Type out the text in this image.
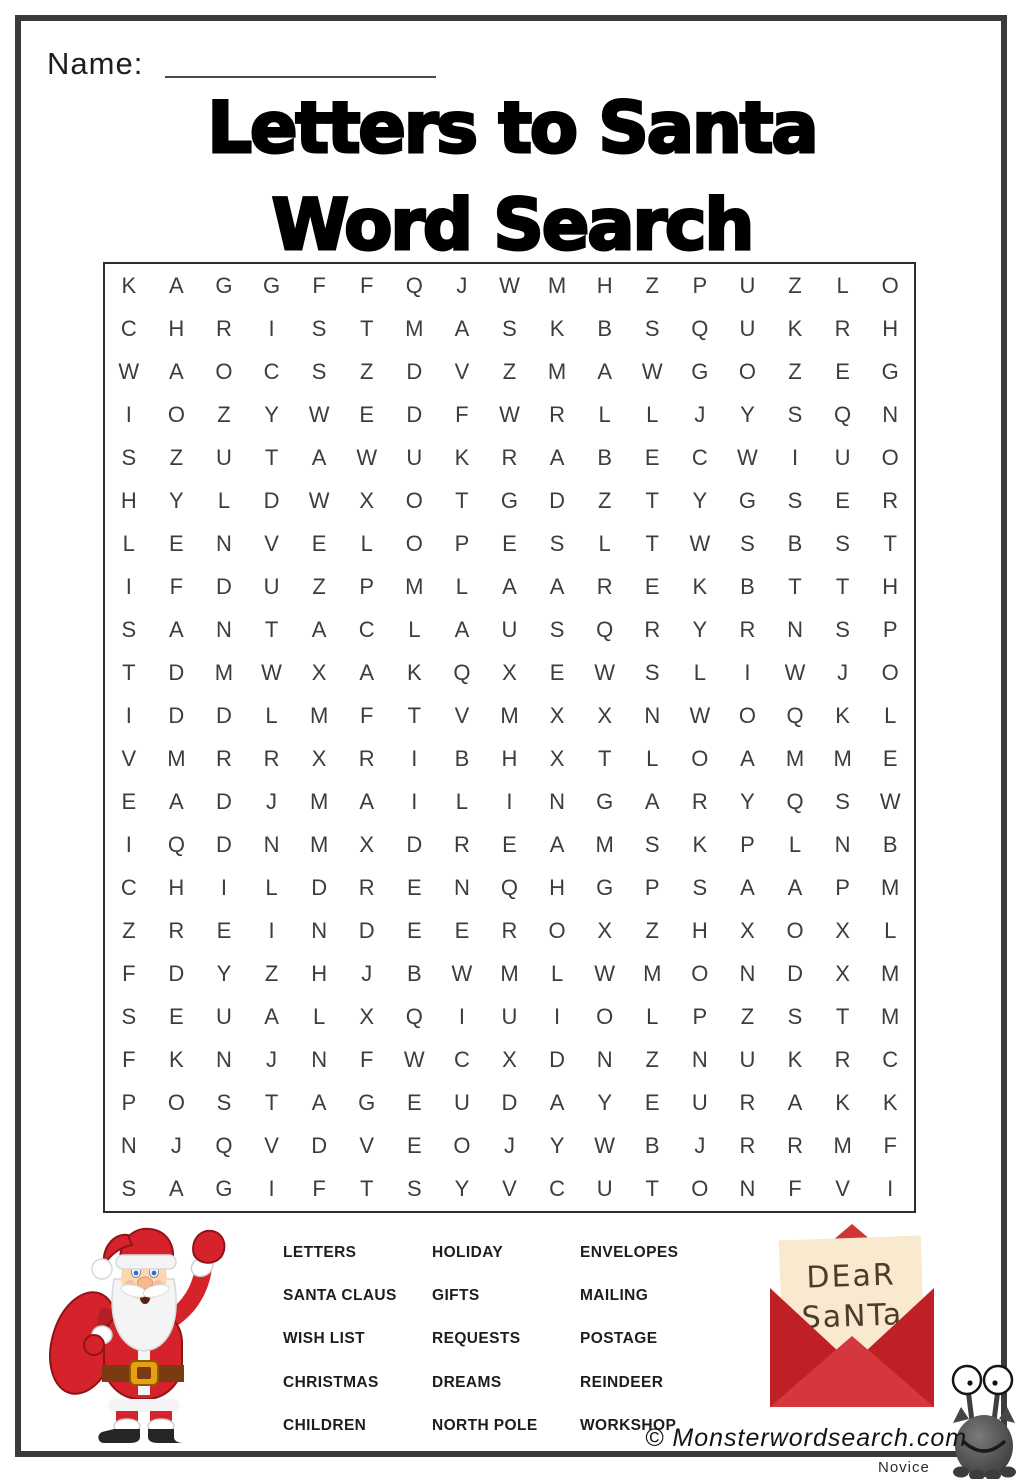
Name:
Letters to Santa
Word Search
K	A	G	G	F	F	Q	J	W	M	H	Z	P	U	Z	L	O
C	H	R	I	S	T	M	A	S	K	B	S	Q	U	K	R	H
W	A	O	C	S	Z	D	V	Z	M	A	W	G	O	Z	E	G
I	O	Z	Y	W	E	D	F	W	R	L	L	J	Y	S	Q	N
S	Z	U	T	A	W	U	K	R	A	B	E	C	W	I	U	O
H	Y	L	D	W	X	O	T	G	D	Z	T	Y	G	S	E	R
L	E	N	V	E	L	O	P	E	S	L	T	W	S	B	S	T
I	F	D	U	Z	P	M	L	A	A	R	E	K	B	T	T	H
S	A	N	T	A	C	L	A	U	S	Q	R	Y	R	N	S	P
T	D	M	W	X	A	K	Q	X	E	W	S	L	I	W	J	O
I	D	D	L	M	F	T	V	M	X	X	N	W	O	Q	K	L
V	M	R	R	X	R	I	B	H	X	T	L	O	A	M	M	E
E	A	D	J	M	A	I	L	I	N	G	A	R	Y	Q	S	W
I	Q	D	N	M	X	D	R	E	A	M	S	K	P	L	N	B
C	H	I	L	D	R	E	N	Q	H	G	P	S	A	A	P	M
Z	R	E	I	N	D	E	E	R	O	X	Z	H	X	O	X	L
F	D	Y	Z	H	J	B	W	M	L	W	M	O	N	D	X	M
S	E	U	A	L	X	Q	I	U	I	O	L	P	Z	S	T	M
F	K	N	J	N	F	W	C	X	D	N	Z	N	U	K	R	C
P	O	S	T	A	G	E	U	D	A	Y	E	U	R	A	K	K
N	J	Q	V	D	V	E	O	J	Y	W	B	J	R	R	M	F
S	A	G	I	F	T	S	Y	V	C	U	T	O	N	F	V	I
LETTERS
SANTA CLAUS
WISH LIST
CHRISTMAS
CHILDREN
HOLIDAY
GIFTS
REQUESTS
DREAMS
NORTH POLE
ENVELOPES
MAILING
POSTAGE
REINDEER
WORKSHOP
DEaR
SaNTa
© Monsterwordsearch.com
Novice
